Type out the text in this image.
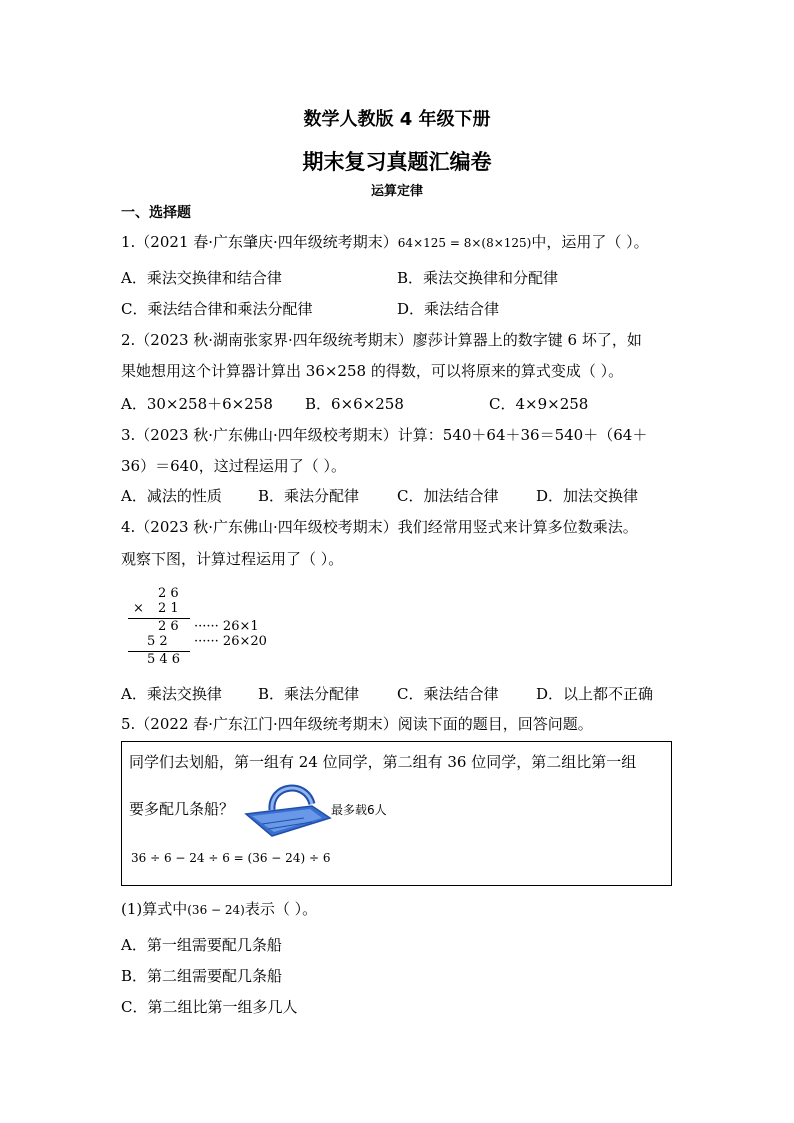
数学人教版 4 年级下册
期末复习真题汇编卷
运算定律
一、选择题
1.（2021 春·广东肇庆·四年级统考期末）64×125 = 8×(8×125)中，运用了（ ）。
A．乘法交换律和结合律	B．乘法交换律和分配律
C．乘法结合律和乘法分配律	D．乘法结合律
2.（2023 秋·湖南张家界·四年级统考期末）廖莎计算器上的数字键 6 坏了，如
果她想用这个计算器计算出 36×258 的得数，可以将原来的算式变成（ ）。
A．30×258＋6×258 B．6×6×258	C．4×9×258
3.（2023 秋·广东佛山·四年级校考期末）计算：540＋64＋36＝540＋（64＋
36）＝640，这过程运用了（ ）。
A．减法的性质 B．乘法分配律	C．加法结合律	D．加法交换律
4.（2023 秋·广东佛山·四年级校考期末）我们经常用竖式来计算多位数乘法。
观察下图，计算过程运用了（ ）。
2 6
× 2 1
2 6 ······ 26×1
5 2 ······ 26×20
5 4 6
A．乘法交换律 B．乘法分配律	C．乘法结合律	D．以上都不正确
5.（2022 春·广东江门·四年级统考期末）阅读下面的题目，回答问题。
同学们去划船，第一组有 24 位同学，第二组有 36 位同学，第二组比第一组
要多配几条船？	最多载6人
36 ÷ 6 − 24 ÷ 6 = (36 − 24) ÷ 6
(1)算式中(36 − 24)表示（ ）。
A．第一组需要配几条船
B．第二组需要配几条船
C．第二组比第一组多几人
